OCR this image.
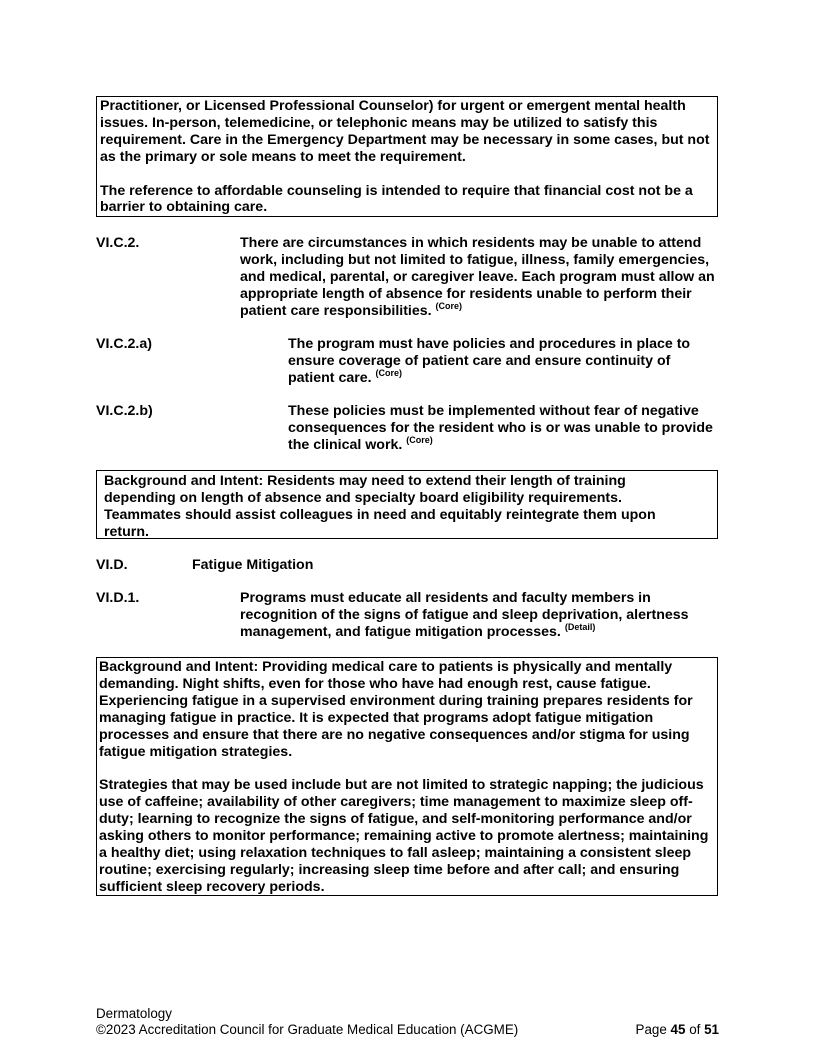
Practitioner, or Licensed Professional Counselor) for urgent or emergent mental health issues. In-person, telemedicine, or telephonic means may be utilized to satisfy this requirement. Care in the Emergency Department may be necessary in some cases, but not as the primary or sole means to meet the requirement.

The reference to affordable counseling is intended to require that financial cost not be a barrier to obtaining care.

VI.C.2.	There are circumstances in which residents may be unable to attend work, including but not limited to fatigue, illness, family emergencies, and medical, parental, or caregiver leave. Each program must allow an appropriate length of absence for residents unable to perform their patient care responsibilities. $^{(Core)}$
VI.C.2.a)	The program must have policies and procedures in place to ensure coverage of patient care and ensure continuity of patient care. $^{(Core)}$
VI.C.2.b)	These policies must be implemented without fear of negative consequences for the resident who is or was unable to provide the clinical work. $^{(Core)}$

Background and Intent: Residents may need to extend their length of training depending on length of absence and specialty board eligibility requirements. Teammates should assist colleagues in need and equitably reintegrate them upon return.

VI.D.	Fatigue Mitigation
VI.D.1.	Programs must educate all residents and faculty members in recognition of the signs of fatigue and sleep deprivation, alertness management, and fatigue mitigation processes. $^{(Detail)}$

Background and Intent: Providing medical care to patients is physically and mentally demanding. Night shifts, even for those who have had enough rest, cause fatigue. Experiencing fatigue in a supervised environment during training prepares residents for managing fatigue in practice. It is expected that programs adopt fatigue mitigation processes and ensure that there are no negative consequences and/or stigma for using fatigue mitigation strategies.

Strategies that may be used include but are not limited to strategic napping; the judicious use of caffeine; availability of other caregivers; time management to maximize sleep off-duty; learning to recognize the signs of fatigue, and self-monitoring performance and/or asking others to monitor performance; remaining active to promote alertness; maintaining a healthy diet; using relaxation techniques to fall asleep; maintaining a consistent sleep routine; exercising regularly; increasing sleep time before and after call; and ensuring sufficient sleep recovery periods.

Dermatology
©2023 Accreditation Council for Graduate Medical Education (ACGME)	Page 45 of 51
